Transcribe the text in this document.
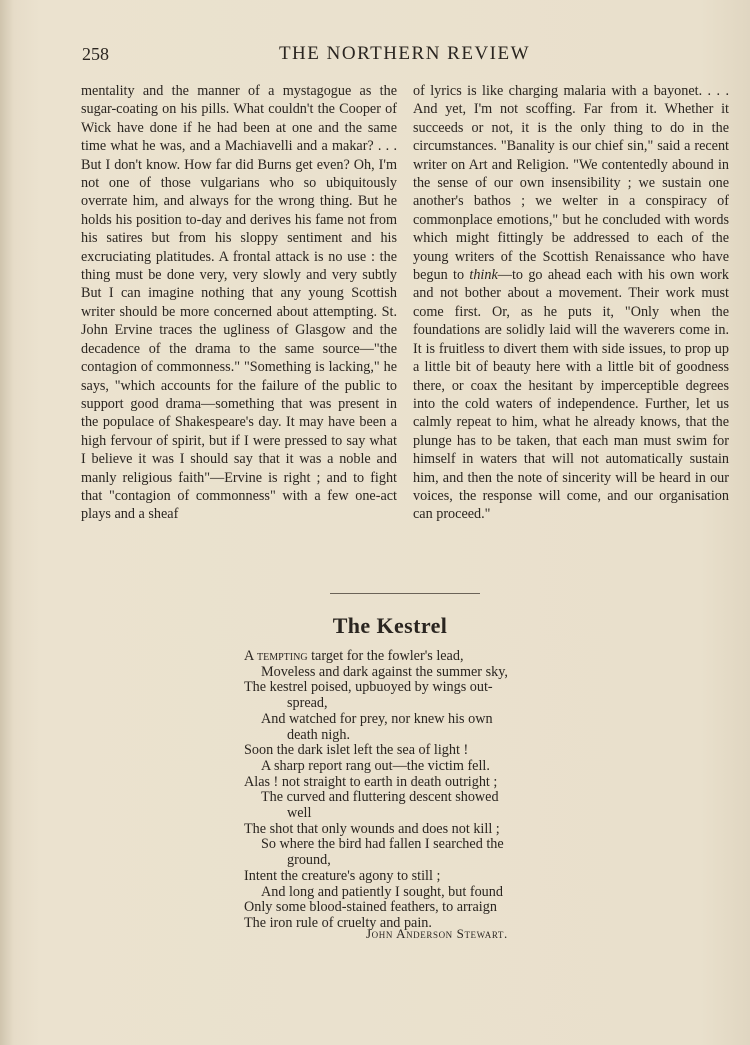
258	THE NORTHERN REVIEW

mentality and the manner of a mystagogue as the sugar-coating on his pills. What couldn't the Cooper of Wick have done if he had been at one and the same time what he was, and a Machiavelli and a makar? . . . But I don't know. How far did Burns get even? Oh, I'm not one of those vulgarians who so ubiquitously overrate him, and always for the wrong thing. But he holds his position to-day and derives his fame not from his satires but from his sloppy sentiment and his excruciating platitudes. A frontal attack is no use : the thing must be done very, very slowly and very subtly But I can imagine nothing that any young Scottish writer should be more concerned about attempting. St. John Ervine traces the ugliness of Glasgow and the decadence of the drama to the same source—"the contagion of commonness." "Something is lacking," he says, "which accounts for the failure of the public to support good drama—something that was present in the populace of Shakespeare's day. It may have been a high fervour of spirit, but if I were pressed to say what I believe it was I should say that it was a noble and manly religious faith"—Ervine is right ; and to fight that "contagion of commonness" with a few one-act plays and a sheaf

of lyrics is like charging malaria with a bayonet. . . . And yet, I'm not scoffing. Far from it. Whether it succeeds or not, it is the only thing to do in the circumstances. "Banality is our chief sin," said a recent writer on Art and Religion. "We contentedly abound in the sense of our own insensibility ; we sustain one another's bathos ; we welter in a conspiracy of commonplace emotions," but he concluded with words which might fittingly be addressed to each of the young writers of the Scottish Renaissance who have begun to think—to go ahead each with his own work and not bother about a movement. Their work must come first. Or, as he puts it, "Only when the foundations are solidly laid will the waverers come in. It is fruitless to divert them with side issues, to prop up a little bit of beauty here with a little bit of goodness there, or coax the hesitant by imperceptible degrees into the cold waters of independence. Further, let us calmly repeat to him, what he already knows, that the plunge has to be taken, that each man must swim for himself in waters that will not automatically sustain him, and then the note of sincerity will be heard in our voices, the response will come, and our organisation can proceed."

The Kestrel
A tempting target for the fowler's lead,
Moveless and dark against the summer sky,
The kestrel poised, upbuoyed by wings out-
spread,
And watched for prey, nor knew his own
death nigh.
Soon the dark islet left the sea of light !
A sharp report rang out—the victim fell.
Alas ! not straight to earth in death outright ;
The curved and fluttering descent showed
well
The shot that only wounds and does not kill ;
So where the bird had fallen I searched the
ground,
Intent the creature's agony to still ;
And long and patiently I sought, but found
Only some blood-stained feathers, to arraign
The iron rule of cruelty and pain.
John Anderson Stewart.
